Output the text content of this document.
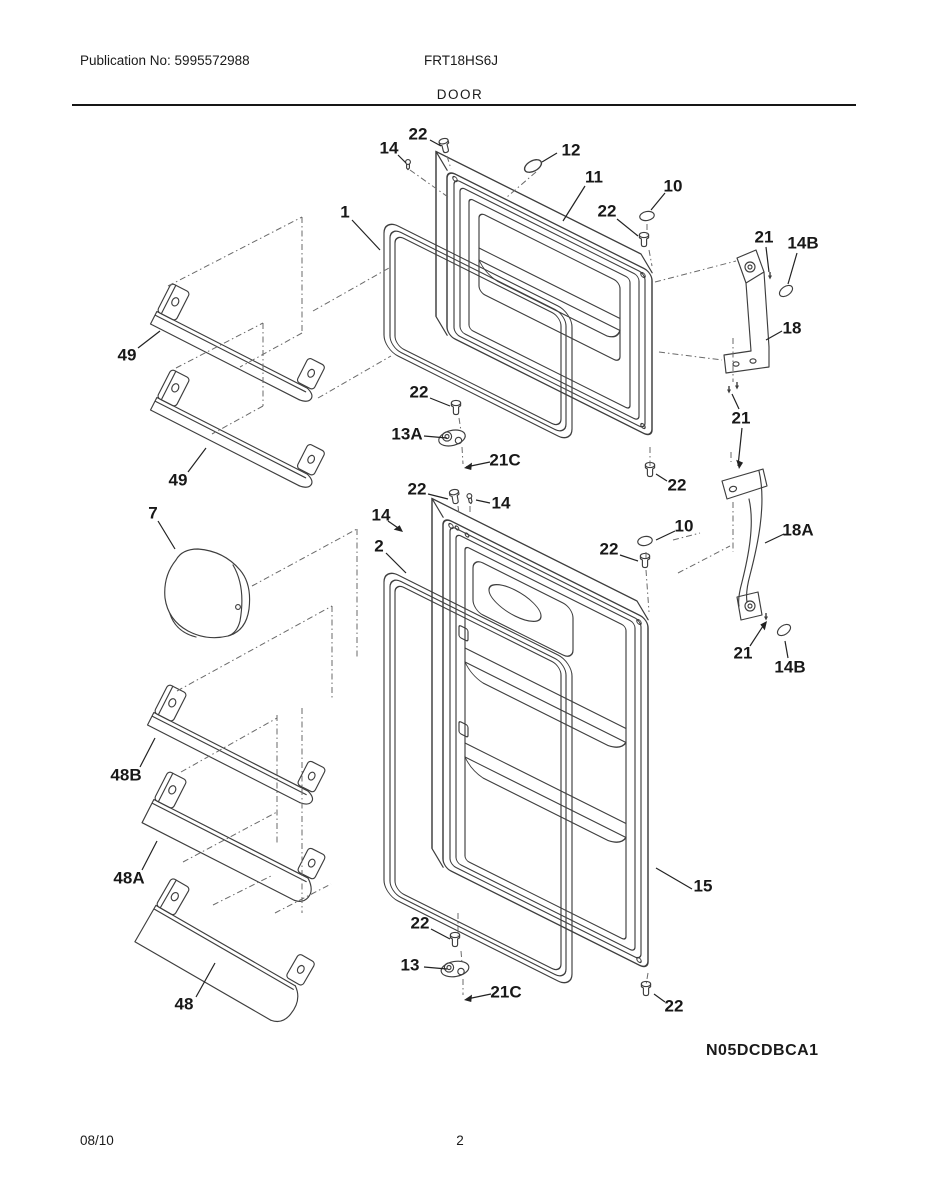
Publication No: 5995572988	FRT18HS6J
DOOR
14
22
12
11
1
10
22
21 14B
18
49
22
13A
21C
49
21
22
22
14
7	14
2
10
22
18A
21
14B
48B
48A	15
22
13
21C
48	22
N05DCDBCA1
08/10	2
